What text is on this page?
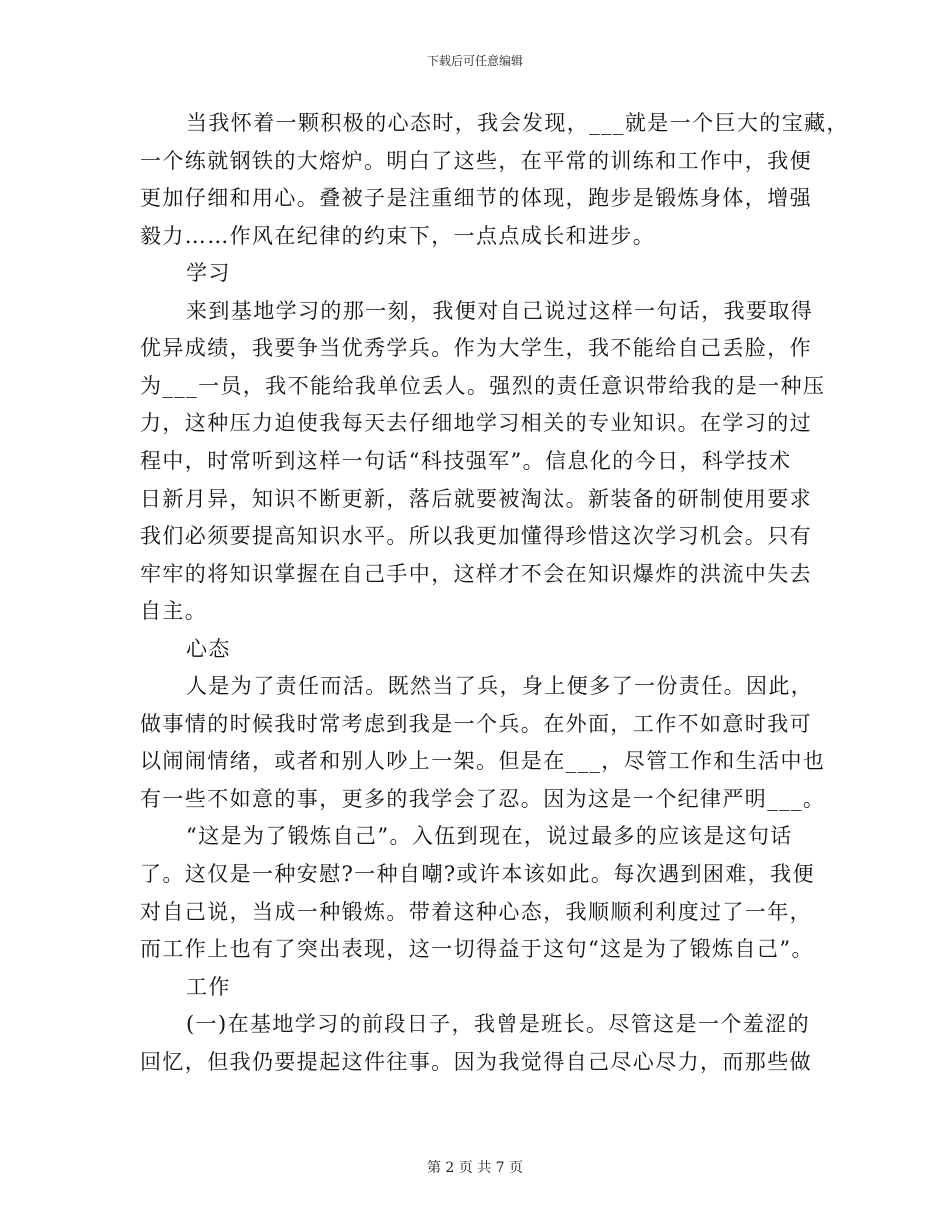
下载后可任意编辑
当我怀着一颗积极的心态时，我会发现，___就是一个巨大的宝藏，
一个练就钢铁的大熔炉。明白了这些，在平常的训练和工作中，我便
更加仔细和用心。叠被子是注重细节的体现，跑步是锻炼身体，增强
毅力……作风在纪律的约束下，一点点成长和进步。
学习
来到基地学习的那一刻，我便对自己说过这样一句话，我要取得
优异成绩，我要争当优秀学兵。作为大学生，我不能给自己丢脸，作
为___一员，我不能给我单位丢人。强烈的责任意识带给我的是一种压
力，这种压力迫使我每天去仔细地学习相关的专业知识。在学习的过
程中，时常听到这样一句话“科技强军”。信息化的今日，科学技术
日新月异，知识不断更新，落后就要被淘汰。新装备的研制使用要求
我们必须要提高知识水平。所以我更加懂得珍惜这次学习机会。只有
牢牢的将知识掌握在自己手中，这样才不会在知识爆炸的洪流中失去
自主。
心态
人是为了责任而活。既然当了兵，身上便多了一份责任。因此，
做事情的时候我时常考虑到我是一个兵。在外面，工作不如意时我可
以闹闹情绪，或者和别人吵上一架。但是在___，尽管工作和生活中也
有一些不如意的事，更多的我学会了忍。因为这是一个纪律严明___。
“这是为了锻炼自己”。入伍到现在，说过最多的应该是这句话
了。这仅是一种安慰?一种自嘲?或许本该如此。每次遇到困难，我便
对自己说，当成一种锻炼。带着这种心态，我顺顺利利度过了一年，
而工作上也有了突出表现，这一切得益于这句“这是为了锻炼自己”。
工作
(一)在基地学习的前段日子，我曾是班长。尽管这是一个羞涩的
回忆，但我仍要提起这件往事。因为我觉得自己尽心尽力，而那些做
第 2 页 共 7 页
